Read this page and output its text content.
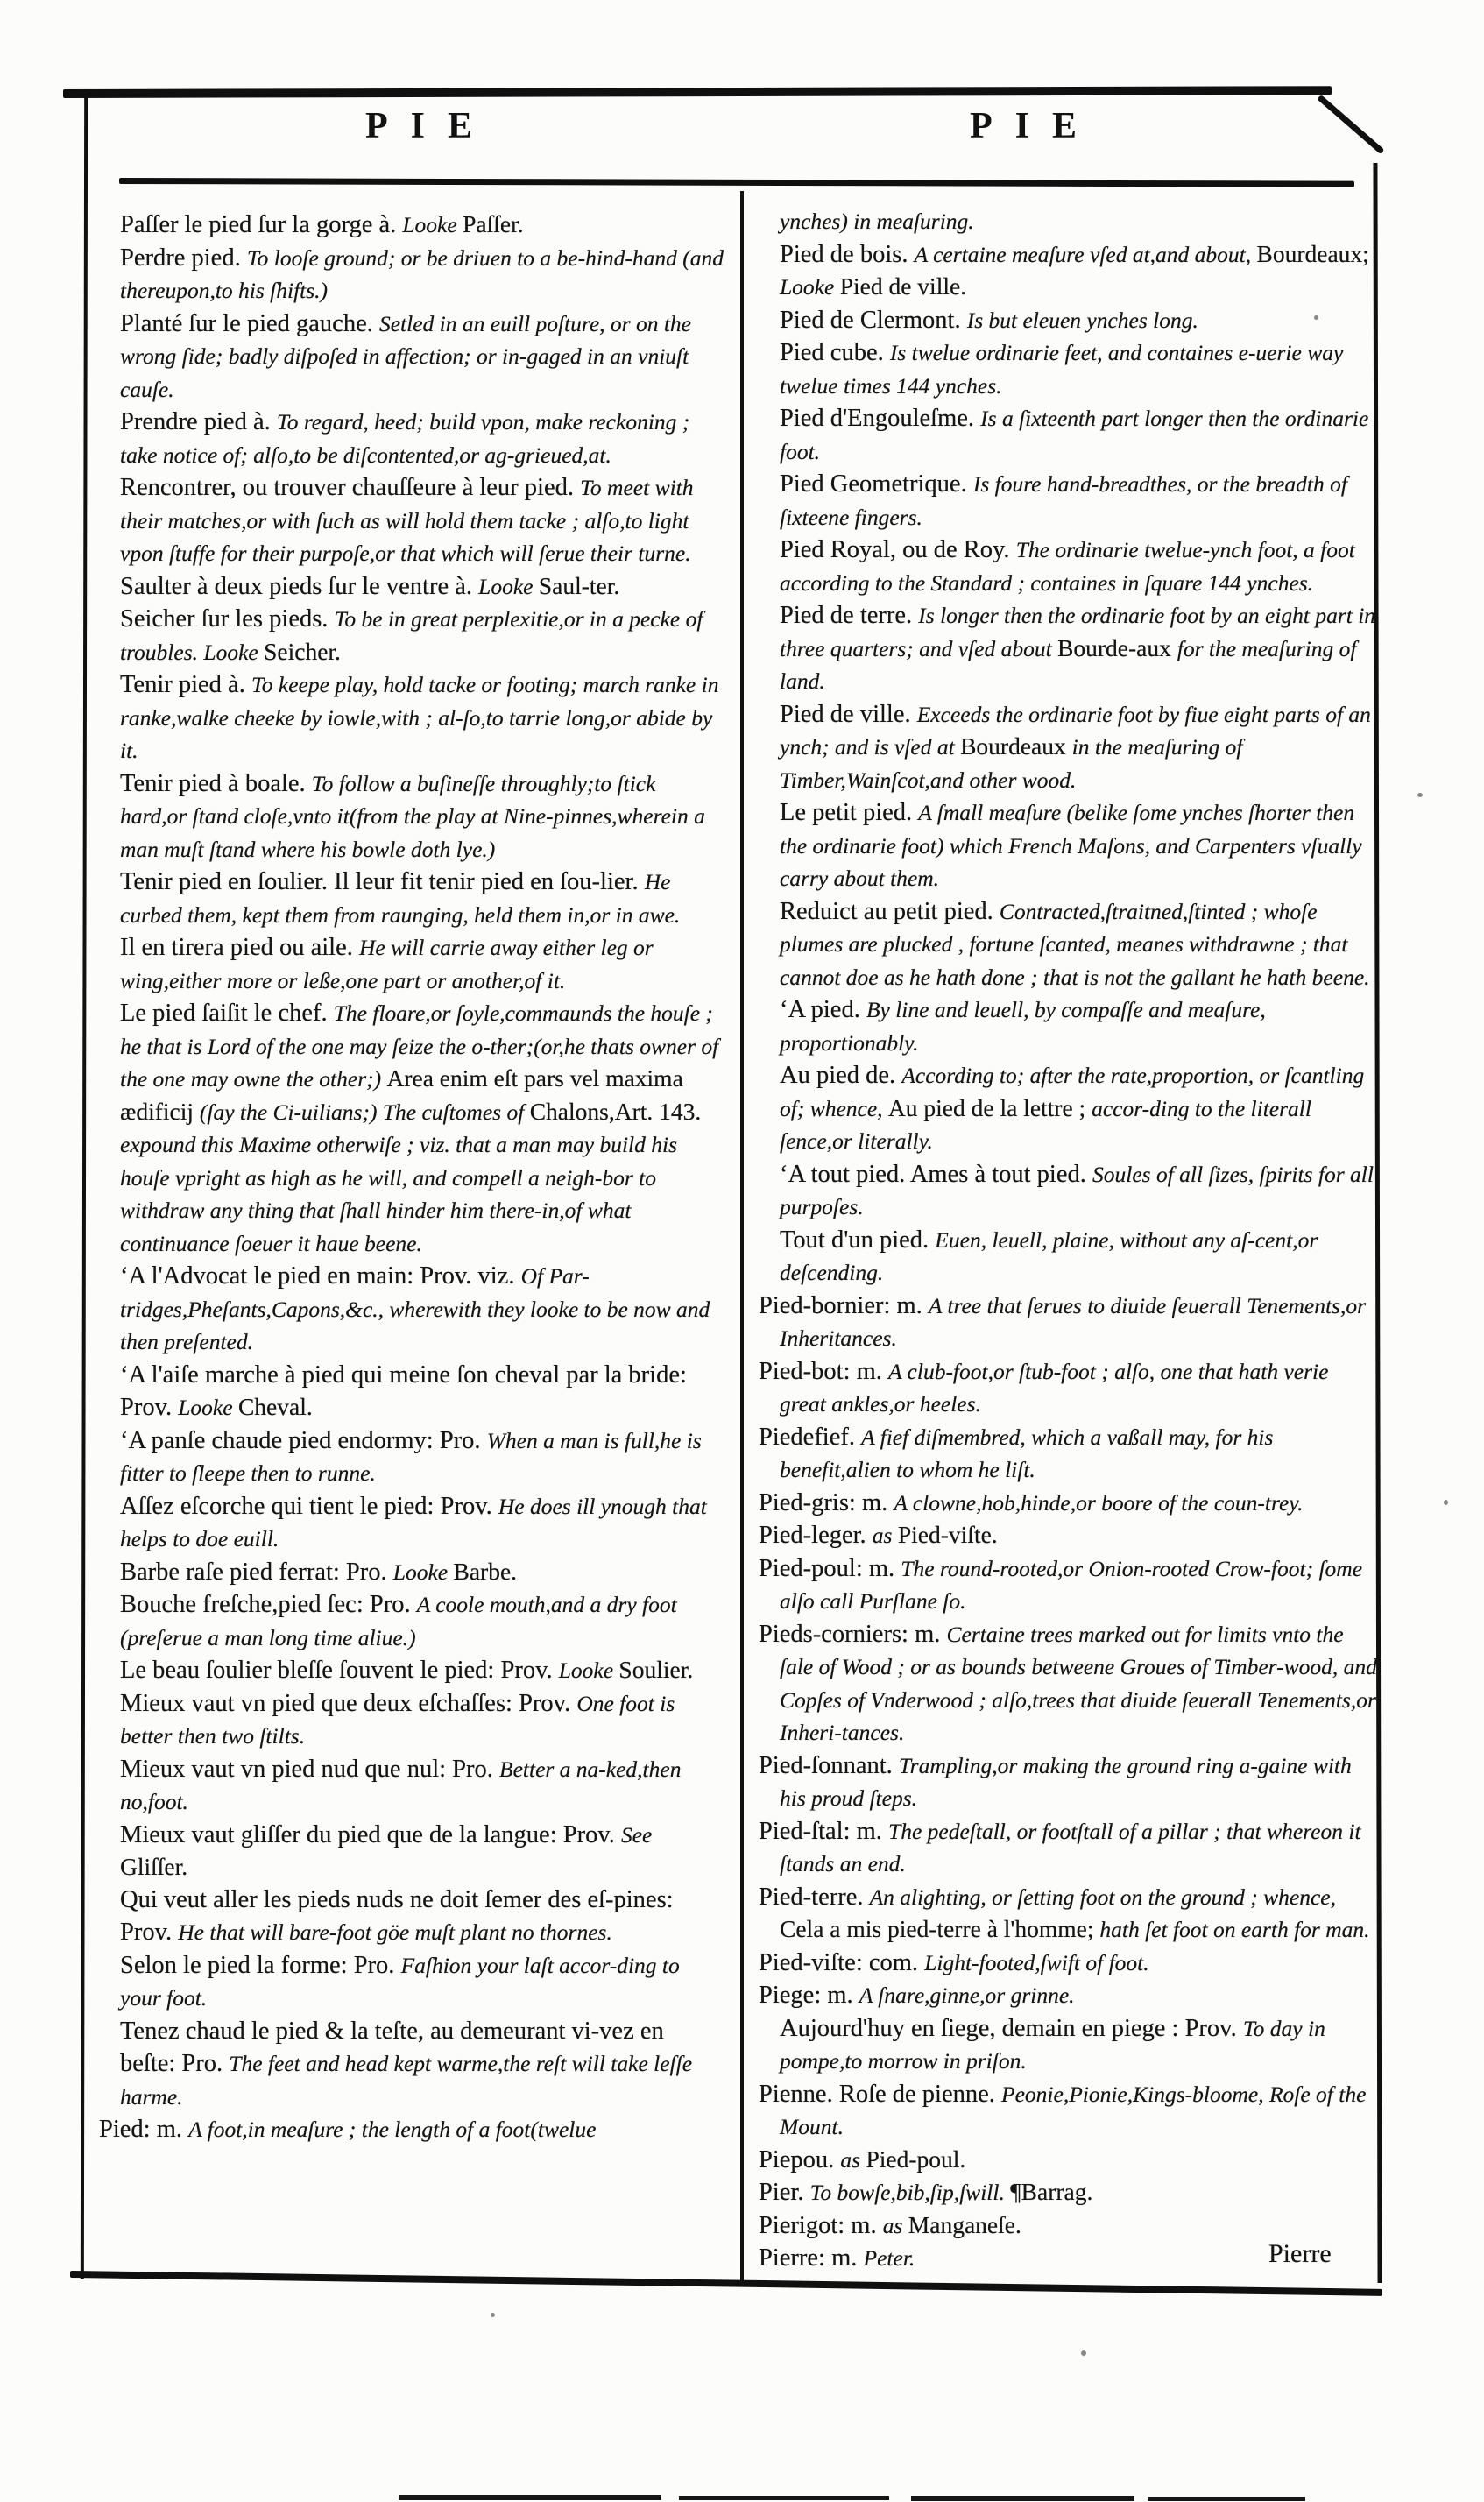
PIE	PIE

Paſſer le pied ſur la gorge à. Looke Paſſer.

Perdre pied. To looſe ground; or be driuen to a be-hind-hand (and thereupon,to his ſhifts.)

Planté ſur le pied gauche. Setled in an euill poſture, or on the wrong ſide; badly diſpoſed in affection; or in-gaged in an vniuſt cauſe.

Prendre pied à. To regard, heed; build vpon, make reckoning ; take notice of; alſo,to be diſcontented,or ag-grieued,at.

Rencontrer, ou trouver chauſſeure à leur pied. To meet with their matches,or with ſuch as will hold them tacke ; alſo,to light vpon ſtuffe for their purpoſe,or that which will ſerue their turne.

Saulter à deux pieds ſur le ventre à. Looke Saul-ter.

Seicher ſur les pieds. To be in great perplexitie,or in a pecke of troubles. Looke Seicher.

Tenir pied à. To keepe play, hold tacke or footing; march ranke in ranke,walke cheeke by iowle,with ; al-ſo,to tarrie long,or abide by it.

Tenir pied à boale. To follow a buſineſſe throughly;to ſtick hard,or ſtand cloſe,vnto it(from the play at Nine-pinnes,wherein a man muſt ſtand where his bowle doth lye.)

Tenir pied en ſoulier. Il leur fit tenir pied en ſou-lier. He curbed them, kept them from raunging, held them in,or in awe.

Il en tirera pied ou aile. He will carrie away either leg or wing,either more or leße,one part or another,of it.

Le pied ſaiſit le chef. The floare,or ſoyle,commaunds the houſe ; he that is Lord of the one may ſeize the o-ther;(or,he thats owner of the one may owne the other;) Area enim eſt pars vel maxima ædificij (ſay the Ci-uilians;) The cuſtomes of Chalons,Art. 143. expound this Maxime otherwiſe ; viz. that a man may build his houſe vpright as high as he will, and compell a neigh-bor to withdraw any thing that ſhall hinder him there-in,of what continuance ſoeuer it haue beene.

‘A l'Advocat le pied en main: Prov. viz. Of Par-tridges,Pheſants,Capons,&c., wherewith they looke to be now and then preſented.

‘A l'aiſe marche à pied qui meine ſon cheval par la bride: Prov. Looke Cheval.

‘A panſe chaude pied endormy: Pro. When a man is full,he is fitter to ſleepe then to runne.

Aſſez eſcorche qui tient le pied: Prov. He does ill ynough that helps to doe euill.

Barbe raſe pied ferrat: Pro. Looke Barbe.

Bouche freſche,pied ſec: Pro. A coole mouth,and a dry foot (preſerue a man long time aliue.)

Le beau ſoulier bleſſe ſouvent le pied: Prov. Looke Soulier.

Mieux vaut vn pied que deux eſchaſſes: Prov. One foot is better then two ſtilts.

Mieux vaut vn pied nud que nul: Pro. Better a na-ked,then no,foot.

Mieux vaut gliſſer du pied que de la langue: Prov. See Gliſſer.

Qui veut aller les pieds nuds ne doit ſemer des eſ-pines: Prov. He that will bare-foot göe muſt plant no thornes.

Selon le pied la forme: Pro. Faſhion your laſt accor-ding to your foot.

Tenez chaud le pied & la teſte, au demeurant vi-vez en beſte: Pro. The feet and head kept warme,the reſt will take leſſe harme.

Pied: m. A foot,in meaſure ; the length of a foot(twelue

ynches) in meaſuring.

Pied de bois. A certaine meaſure vſed at,and about, Bourdeaux; Looke Pied de ville.

Pied de Clermont. Is but eleuen ynches long.

Pied cube. Is twelue ordinarie feet, and containes e-uerie way twelue times 144 ynches.

Pied d'Engouleſme. Is a ſixteenth part longer then the ordinarie foot.

Pied Geometrique. Is foure hand-breadthes, or the breadth of ſixteene fingers.

Pied Royal, ou de Roy. The ordinarie twelue-ynch foot, a foot according to the Standard ; containes in ſquare 144 ynches.

Pied de terre. Is longer then the ordinarie foot by an eight part in three quarters; and vſed about Bourde-aux for the meaſuring of land.

Pied de ville. Exceeds the ordinarie foot by fiue eight parts of an ynch; and is vſed at Bourdeaux in the meaſuring of Timber,Wainſcot,and other wood.

Le petit pied. A ſmall meaſure (belike ſome ynches ſhorter then the ordinarie foot) which French Maſons, and Carpenters vſually carry about them.

Reduict au petit pied. Contracted,ſtraitned,ſtinted ; whoſe plumes are plucked , fortune ſcanted, meanes withdrawne ; that cannot doe as he hath done ; that is not the gallant he hath beene.

‘A pied. By line and leuell, by compaſſe and meaſure, proportionably.

Au pied de. According to; after the rate,proportion, or ſcantling of; whence, Au pied de la lettre ; accor-ding to the literall ſence,or literally.

‘A tout pied. Ames à tout pied. Soules of all ſizes, ſpirits for all purpoſes.

Tout d'un pied. Euen, leuell, plaine, without any aſ-cent,or deſcending.

Pied-bornier: m. A tree that ſerues to diuide ſeuerall Tenements,or Inheritances.

Pied-bot: m. A club-foot,or ſtub-foot ; alſo, one that hath verie great ankles,or heeles.

Piedefief. A fief diſmembred, which a vaßall may, for his benefit,alien to whom he liſt.

Pied-gris: m. A clowne,hob,hinde,or boore of the coun-trey.

Pied-leger. as Pied-viſte.

Pied-poul: m. The round-rooted,or Onion-rooted Crow-foot; ſome alſo call Purſlane ſo.

Pieds-corniers: m. Certaine trees marked out for limits vnto the ſale of Wood ; or as bounds betweene Groues of Timber-wood, and Copſes of Vnderwood ; alſo,trees that diuide ſeuerall Tenements,or Inheri-tances.

Pied-ſonnant. Trampling,or making the ground ring a-gaine with his proud ſteps.

Pied-ſtal: m. The pedeſtall, or footſtall of a pillar ; that whereon it ſtands an end.

Pied-terre. An alighting, or ſetting foot on the ground ; whence, Cela a mis pied-terre à l'homme; hath ſet foot on earth for man.

Pied-viſte: com. Light-footed,ſwift of foot.

Piege: m. A ſnare,ginne,or grinne.

Aujourd'huy en ſiege, demain en piege : Prov. To day in pompe,to morrow in priſon.

Pienne. Roſe de pienne. Peonie,Pionie,Kings-bloome, Roſe of the Mount.

Piepou. as Pied-poul.

Pier. To bowſe,bib,ſip,ſwill. ¶Barrag.

Pierigot: m. as Manganeſe.

Pierre: m. Peter.	Pierre
